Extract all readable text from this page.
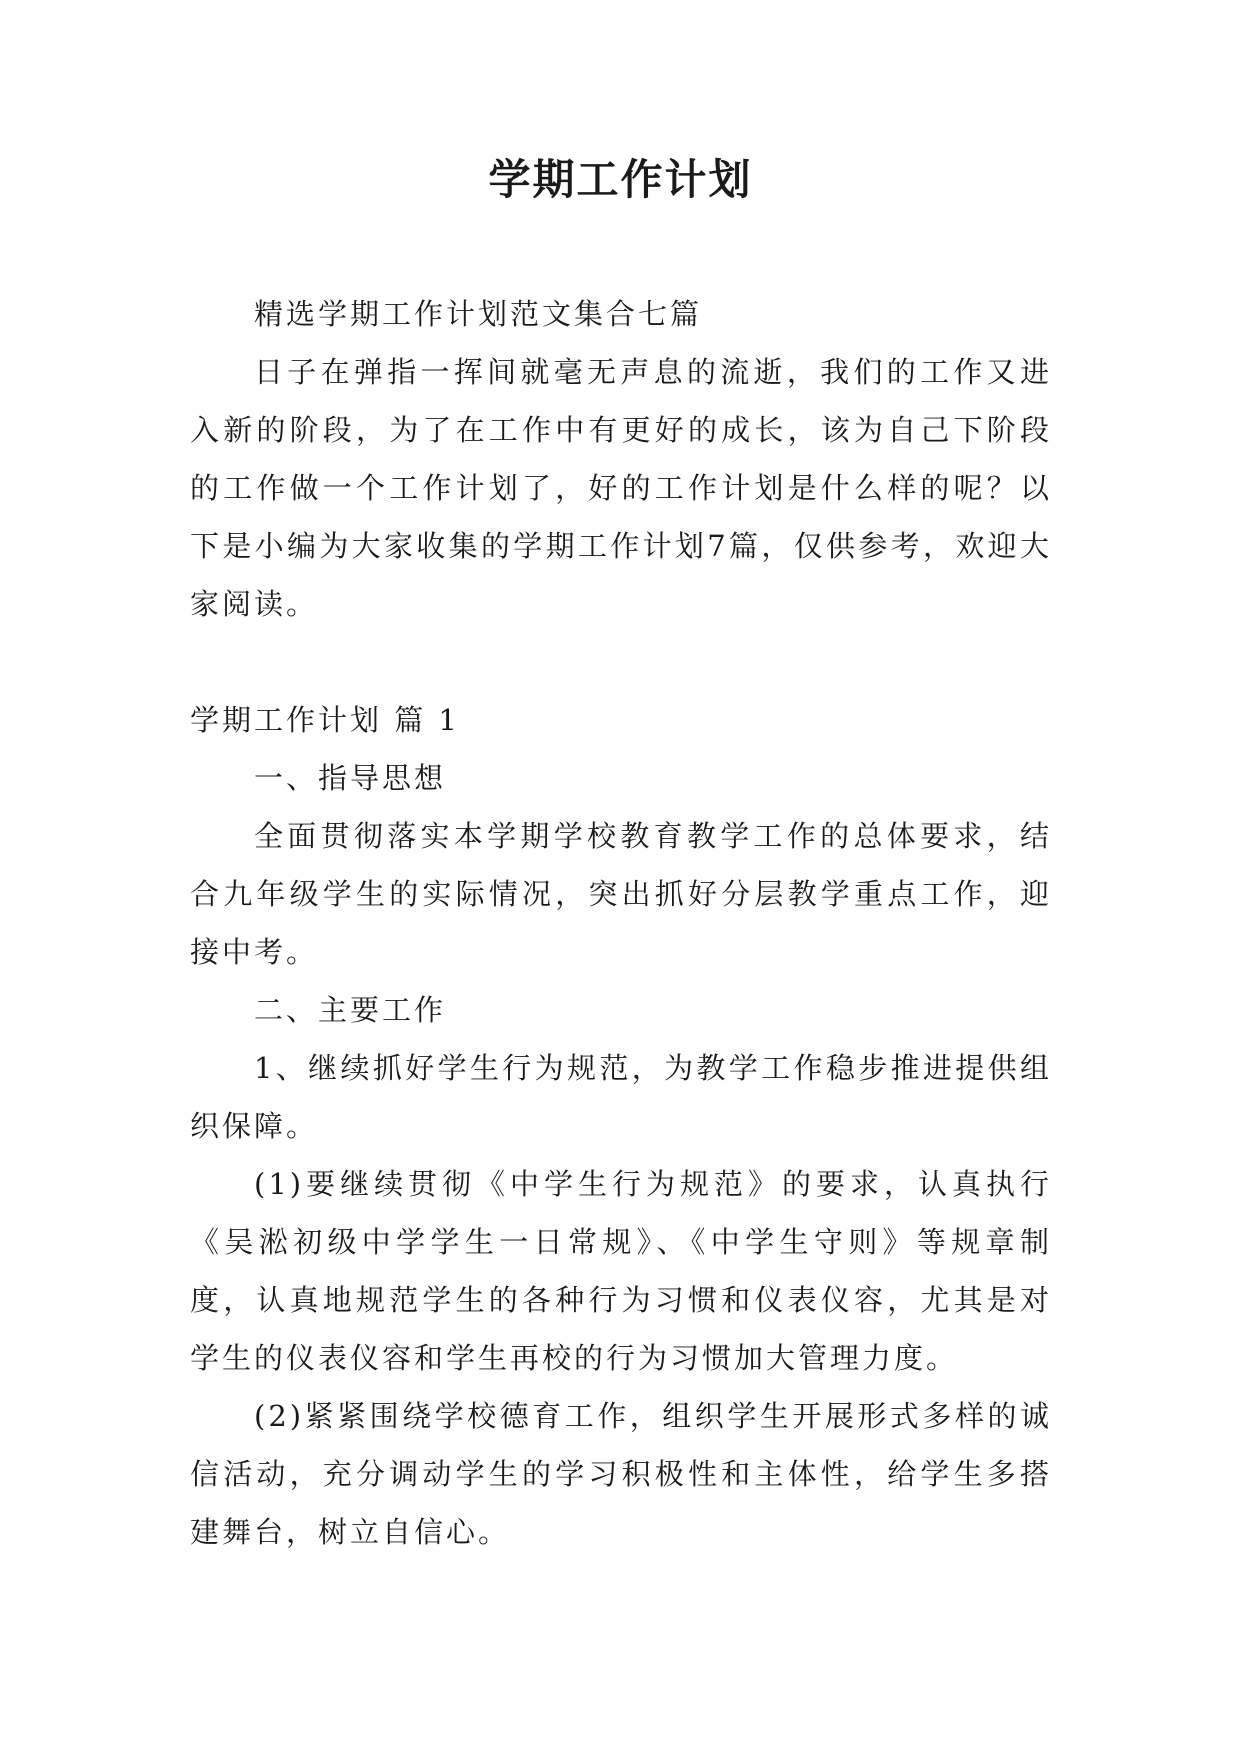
学期工作计划

精选学期工作计划范文集合七篇

日子在弹指一挥间就毫无声息的流逝，我们的工作又进入新的阶段，为了在工作中有更好的成长，该为自己下阶段的工作做一个工作计划了，好的工作计划是什么样的呢？以下是小编为大家收集的学期工作计划7篇，仅供参考，欢迎大家阅读。

学期工作计划 篇 1

一、指导思想

全面贯彻落实本学期学校教育教学工作的总体要求，结合九年级学生的实际情况，突出抓好分层教学重点工作，迎接中考。

二、主要工作

1、继续抓好学生行为规范，为教学工作稳步推进提供组织保障。

(1)要继续贯彻《中学生行为规范》的要求，认真执行《吴淞初级中学学生一日常规》、《中学生守则》等规章制度，认真地规范学生的各种行为习惯和仪表仪容，尤其是对学生的仪表仪容和学生再校的行为习惯加大管理力度。

(2)紧紧围绕学校德育工作，组织学生开展形式多样的诚信活动，充分调动学生的学习积极性和主体性，给学生多搭建舞台，树立自信心。
